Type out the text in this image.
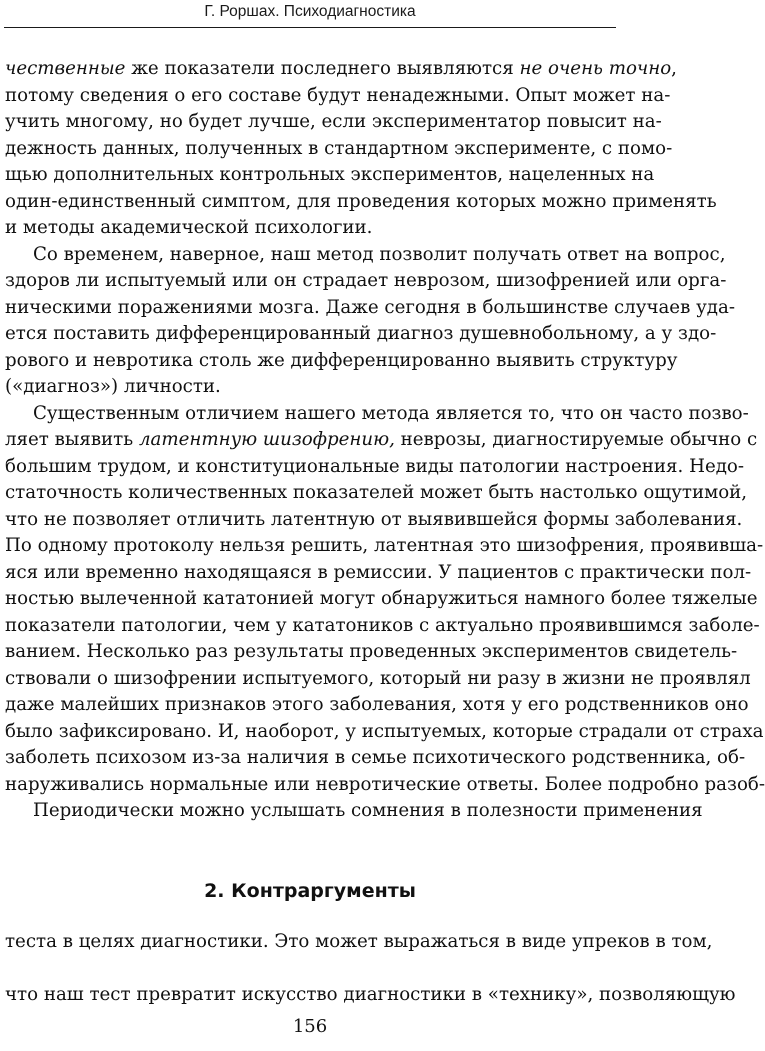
Г. Роршах. Психодиагностика
чественные же показатели последнего выявляются не очень точно,
потому сведения о его составе будут ненадежными. Опыт может на-
учить многому, но будет лучше, если экспериментатор повысит на-
дежность данных, полученных в стандартном эксперименте, с помо-
щью дополнительных контрольных экспериментов, нацеленных на
один-единственный симптом, для проведения которых можно применять
и методы академической психологии.
Со временем, наверное, наш метод позволит получать ответ на вопрос,
здоров ли испытуемый или он страдает неврозом, шизофренией или орга-
ническими поражениями мозга. Даже сегодня в большинстве случаев уда-
ется поставить дифференцированный диагноз душевнобольному, а у здо-
рового и невротика столь же дифференцированно выявить структуру
(«диагноз») личности.
Существенным отличием нашего метода является то, что он часто позво-
ляет выявить латентную шизофрению, неврозы, диагностируемые обычно с
большим трудом, и конституциональные виды патологии настроения. Недо-
статочность количественных показателей может быть настолько ощутимой,
что не позволяет отличить латентную от выявившейся формы заболевания.
По одному протоколу нельзя решить, латентная это шизофрения, проявивша-
яся или временно находящаяся в ремиссии. У пациентов с практически пол-
ностью вылеченной кататонией могут обнаружиться намного более тяжелые
показатели патологии, чем у кататоников с актуально проявившимся заболе-
ванием. Несколько раз результаты проведенных экспериментов свидетель-
ствовали о шизофрении испытуемого, который ни разу в жизни не проявлял
даже малейших признаков этого заболевания, хотя у его родственников оно
было зафиксировано. И, наоборот, у испытуемых, которые страдали от страха
заболеть психозом из-за наличия в семье психотического родственника, об-
наруживались нормальные или невротические ответы. Более подробно разоб-
2. Контраргументы
Периодически можно услышать сомнения в полезности применения
теста в целях диагностики. Это может выражаться в виде упреков в том,
156
что наш тест превратит искусство диагностики в «технику», позволяющую
